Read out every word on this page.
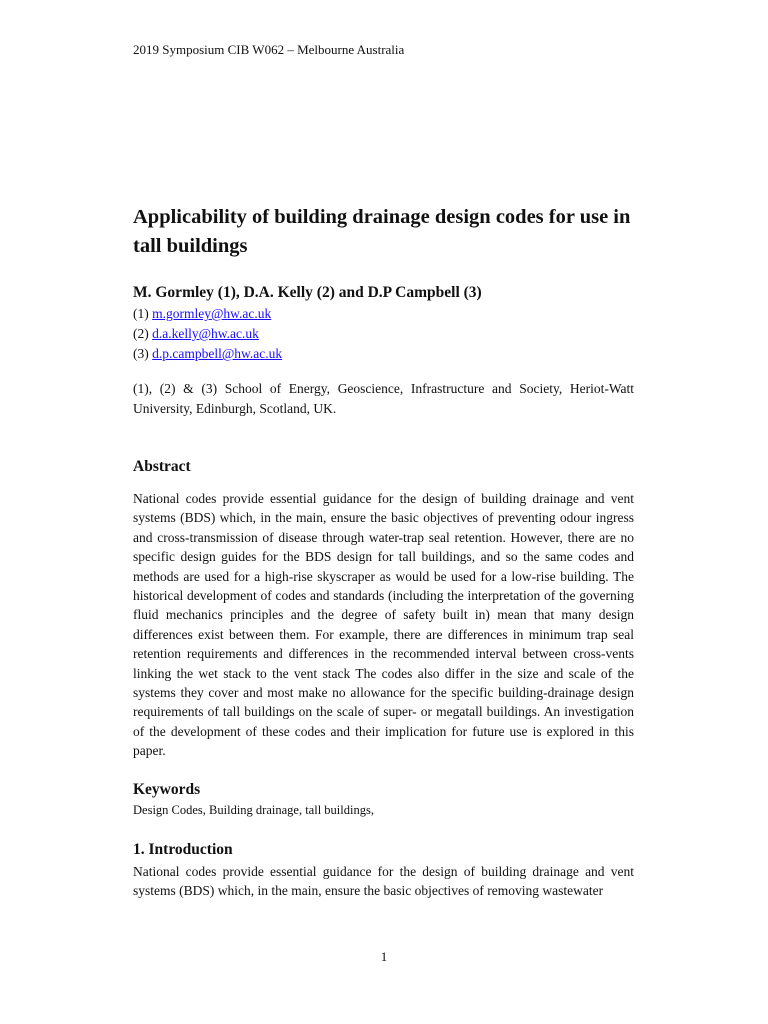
2019 Symposium CIB W062 – Melbourne Australia
Applicability of building drainage design codes for use in tall buildings
M. Gormley (1), D.A. Kelly (2) and D.P Campbell (3)
(1) m.gormley@hw.ac.uk
(2) d.a.kelly@hw.ac.uk
(3) d.p.campbell@hw.ac.uk

(1), (2) & (3) School of Energy, Geoscience, Infrastructure and Society, Heriot-Watt University, Edinburgh, Scotland, UK.

Abstract

National codes provide essential guidance for the design of building drainage and vent systems (BDS) which, in the main, ensure the basic objectives of preventing odour ingress and cross-transmission of disease through water-trap seal retention. However, there are no specific design guides for the BDS design for tall buildings, and so the same codes and methods are used for a high-rise skyscraper as would be used for a low-rise building. The historical development of codes and standards (including the interpretation of the governing fluid mechanics principles and the degree of safety built in) mean that many design differences exist between them. For example, there are differences in minimum trap seal retention requirements and differences in the recommended interval between cross-vents linking the wet stack to the vent stack The codes also differ in the size and scale of the systems they cover and most make no allowance for the specific building-drainage design requirements of tall buildings on the scale of super- or megatall buildings. An investigation of the development of these codes and their implication for future use is explored in this paper.

Keywords

Design Codes, Building drainage, tall buildings,

1. Introduction

National codes provide essential guidance for the design of building drainage and vent systems (BDS) which, in the main, ensure the basic objectives of removing wastewater

1
